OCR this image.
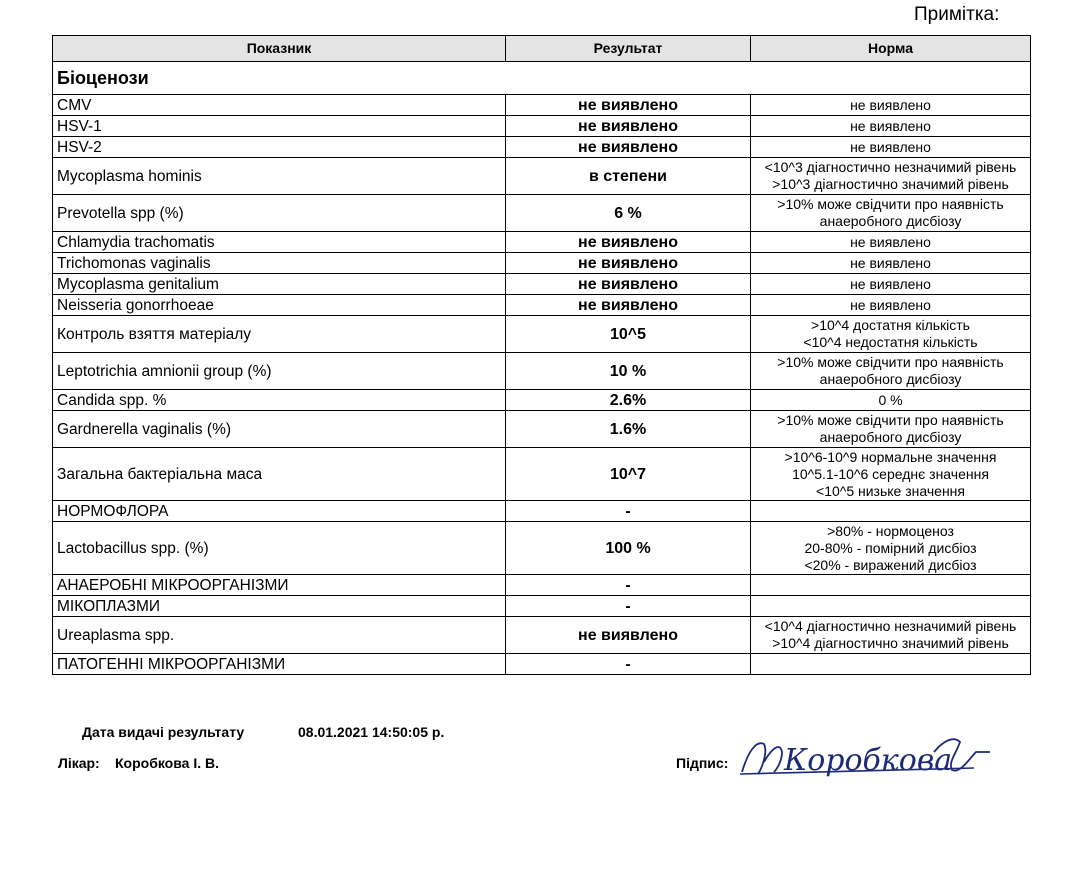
Примітка:
Показник	Результат	Норма
Біоценози		
CMV	не виявлено	не виявлено

HSV-1	не виявлено	не виявлено

HSV-2	не виявлено	не виявлено

Mycoplasma hominis	в степени	<10^3 діагностично незначимий рівень
>10^3 діагностично значимий рівень

Prevotella spp (%)	6 %	>10% може свідчити про наявність
анаеробного дисбіозу

Chlamydia trachomatis	не виявлено	не виявлено

Trichomonas vaginalis	не виявлено	не виявлено

Mycoplasma genitalium	не виявлено	не виявлено

Neisseria gonorrhoeae	не виявлено	не виявлено

Контроль взяття матеріалу	10^5	>10^4 достатня кількість
<10^4 недостатня кількість

Leptotrichia amnionii group (%)	10 %	>10% може свідчити про наявність
анаеробного дисбіозу

Candida spp. %	2.6%	0 %

Gardnerella vaginalis (%)	1.6%	>10% може свідчити про наявність
анаеробного дисбіозу

Загальна бактеріальна маса	10^7	>10^6-10^9 нормальне значення
10^5.1-10^6 середнє значення
<10^5 низьке значення

НОРМОФЛОРА	-	
Lactobacillus spp. (%)	100 %	>80% - нормоценоз
20-80% - помірний дисбіоз
<20% - виражений дисбіоз

АНАЕРОБНІ МІКРООРГАНІЗМИ	-	
МІКОПЛАЗМИ	-	
Ureaplasma spp.	не виявлено	<10^4 діагностично незначимий рівень
>10^4 діагностично значимий рівень

ПАТОГЕННІ МІКРООРГАНІЗМИ	-	
Дата видачі результату	08.01.2021 14:50:05 р.
Лікар: Коробкова І. В.	Підпис: Коробкова
